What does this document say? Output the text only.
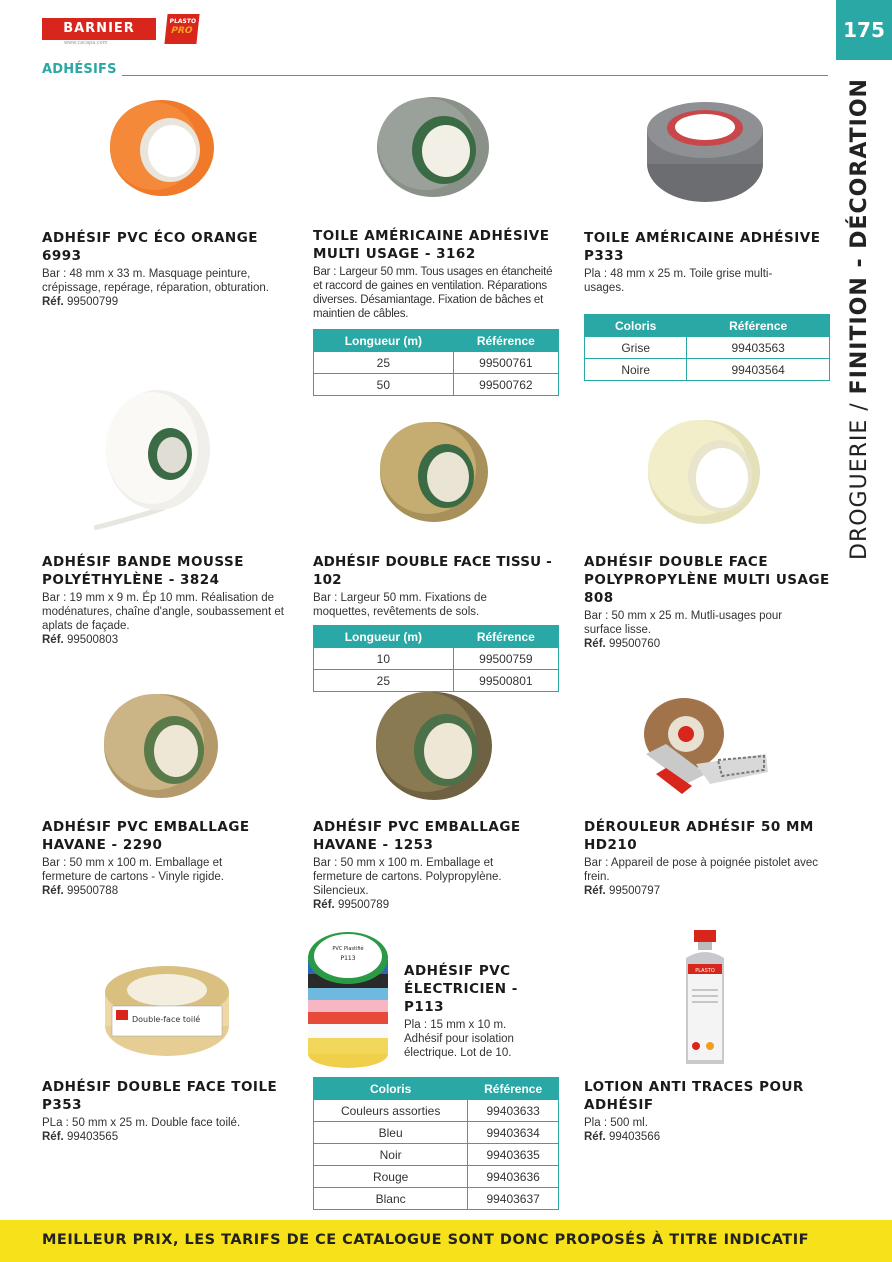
BARNIER
www.cacapa.com
PLASTO
PRO	175
ADHÉSIFS
DROGUERIE / FINITION - DÉCORATION
Double-face toilé
PVC Plastifié
P113
PLASTO
ADHÉSIF PVC ÉCO ORANGE 6993
Bar : 48 mm x 33 m. Masquage peinture, crépissage, repérage, réparation, obturation.
Réf. 99500799
TOILE AMÉRICAINE ADHÉSIVE MULTI USAGE - 3162
Bar : Largeur 50 mm. Tous usages en étancheité et raccord de gaines en ventilation. Réparations diverses. Désamiantage. Fixation de bâches et maintien de câbles.
Longueur (m)	Référence
25	99500761
50	99500762
TOILE AMÉRICAINE ADHÉSIVE P333
Pla : 48 mm x 25 m. Toile grise multi-usages.
Coloris	Référence
Grise	99403563
Noire	99403564
ADHÉSIF BANDE MOUSSE POLYÉTHYLÈNE - 3824
Bar : 19 mm x 9 m. Ép 10 mm. Réalisation de modénatures, chaîne d'angle, soubassement et aplats de façade.
Réf. 99500803
ADHÉSIF DOUBLE FACE TISSU - 102
Bar : Largeur 50 mm. Fixations de moquettes, revêtements de sols.
Longueur (m)	Référence
10	99500759
25	99500801
ADHÉSIF DOUBLE FACE POLYPROPYLÈNE MULTI USAGE 808
Bar : 50 mm x 25 m. Mutli-usages pour surface lisse.
Réf. 99500760
ADHÉSIF PVC EMBALLAGE HAVANE - 2290
Bar : 50 mm x 100 m. Emballage et fermeture de cartons - Vinyle rigide.
Réf. 99500788
ADHÉSIF PVC EMBALLAGE HAVANE - 1253
Bar : 50 mm x 100 m. Emballage et fermeture de cartons. Polypropylène. Silencieux.
Réf. 99500789
DÉROULEUR ADHÉSIF 50 MM HD210
Bar : Appareil de pose à poignée pistolet avec frein.
Réf. 99500797
ADHÉSIF DOUBLE FACE TOILE P353
PLa : 50 mm x 25 m. Double face toilé.
Réf. 99403565
ADHÉSIF PVC ÉLECTRICIEN - P113
Pla : 15 mm x 10 m. Adhésif pour isolation électrique. Lot de 10.
Coloris	Référence
Couleurs assorties	99403633
Bleu	99403634
Noir	99403635
Rouge	99403636
Blanc	99403637
LOTION ANTI TRACES POUR ADHÉSIF
Pla : 500 ml.
Réf. 99403566
MEILLEUR PRIX, LES TARIFS DE CE CATALOGUE SONT DONC PROPOSÉS À TITRE INDICATIF
